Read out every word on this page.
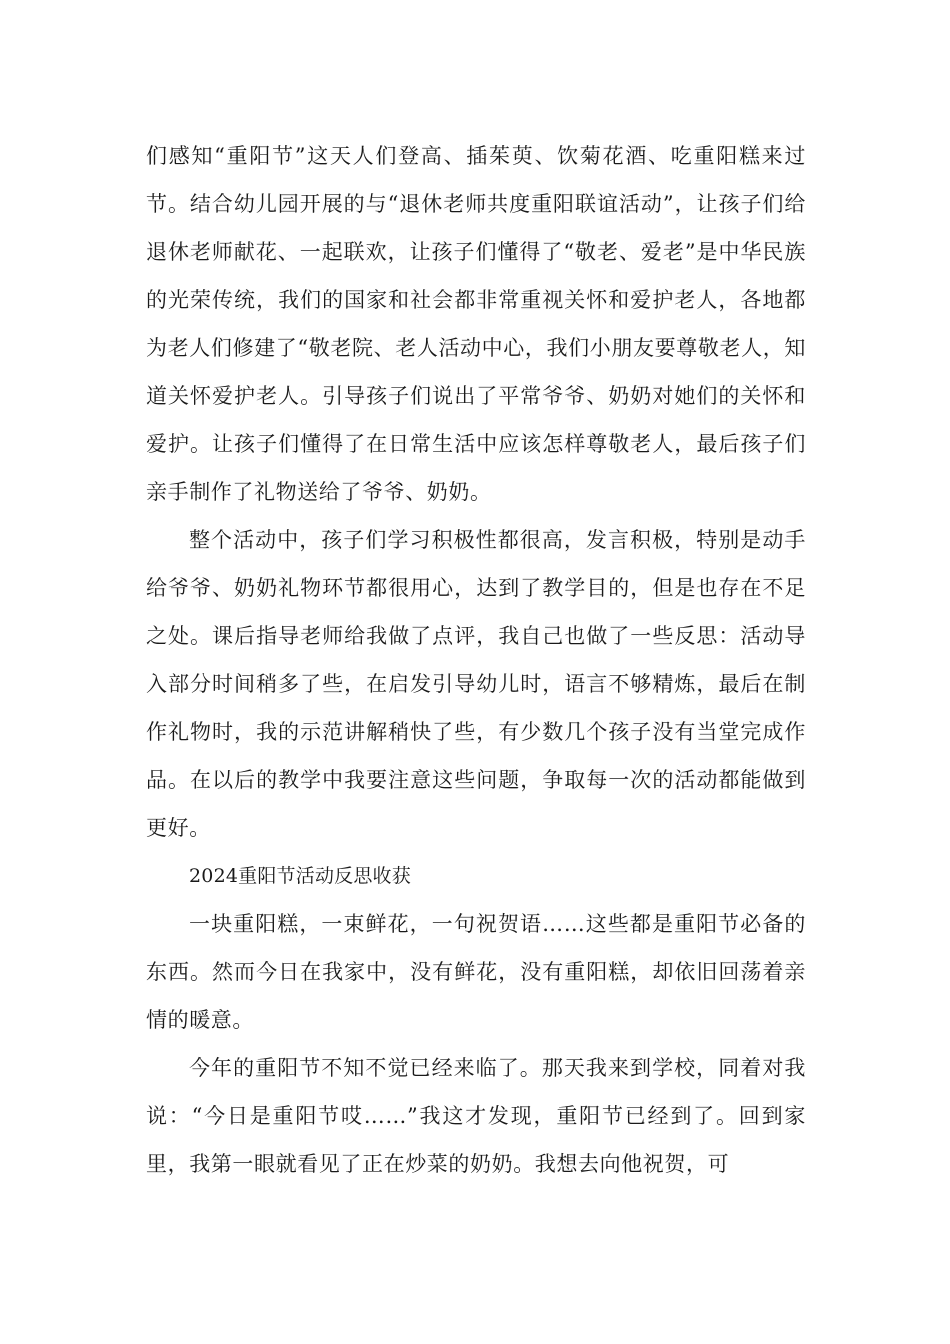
们感知“重阳节”这天人们登高、插茱萸、饮菊花酒、吃重阳糕来过节。结合幼儿园开展的与“退休老师共度重阳联谊活动”，让孩子们给退休老师献花、一起联欢，让孩子们懂得了“敬老、爱老”是中华民族的光荣传统，我们的国家和社会都非常重视关怀和爱护老人，各地都为老人们修建了“敬老院、老人活动中心，我们小朋友要尊敬老人，知道关怀爱护老人。引导孩子们说出了平常爷爷、奶奶对她们的关怀和爱护。让孩子们懂得了在日常生活中应该怎样尊敬老人，最后孩子们亲手制作了礼物送给了爷爷、奶奶。

整个活动中，孩子们学习积极性都很高，发言积极，特别是动手给爷爷、奶奶礼物环节都很用心，达到了教学目的，但是也存在不足之处。课后指导老师给我做了点评，我自己也做了一些反思：活动导入部分时间稍多了些，在启发引导幼儿时，语言不够精炼，最后在制作礼物时，我的示范讲解稍快了些，有少数几个孩子没有当堂完成作品。在以后的教学中我要注意这些问题，争取每一次的活动都能做到更好。

2024重阳节活动反思收获

一块重阳糕，一束鲜花，一句祝贺语……这些都是重阳节必备的东西。然而今日在我家中，没有鲜花，没有重阳糕，却依旧回荡着亲情的暖意。

今年的重阳节不知不觉已经来临了。那天我来到学校，同着对我说：“今日是重阳节哎……”我这才发现，重阳节已经到了。回到家里，我第一眼就看见了正在炒菜的奶奶。我想去向他祝贺，可
